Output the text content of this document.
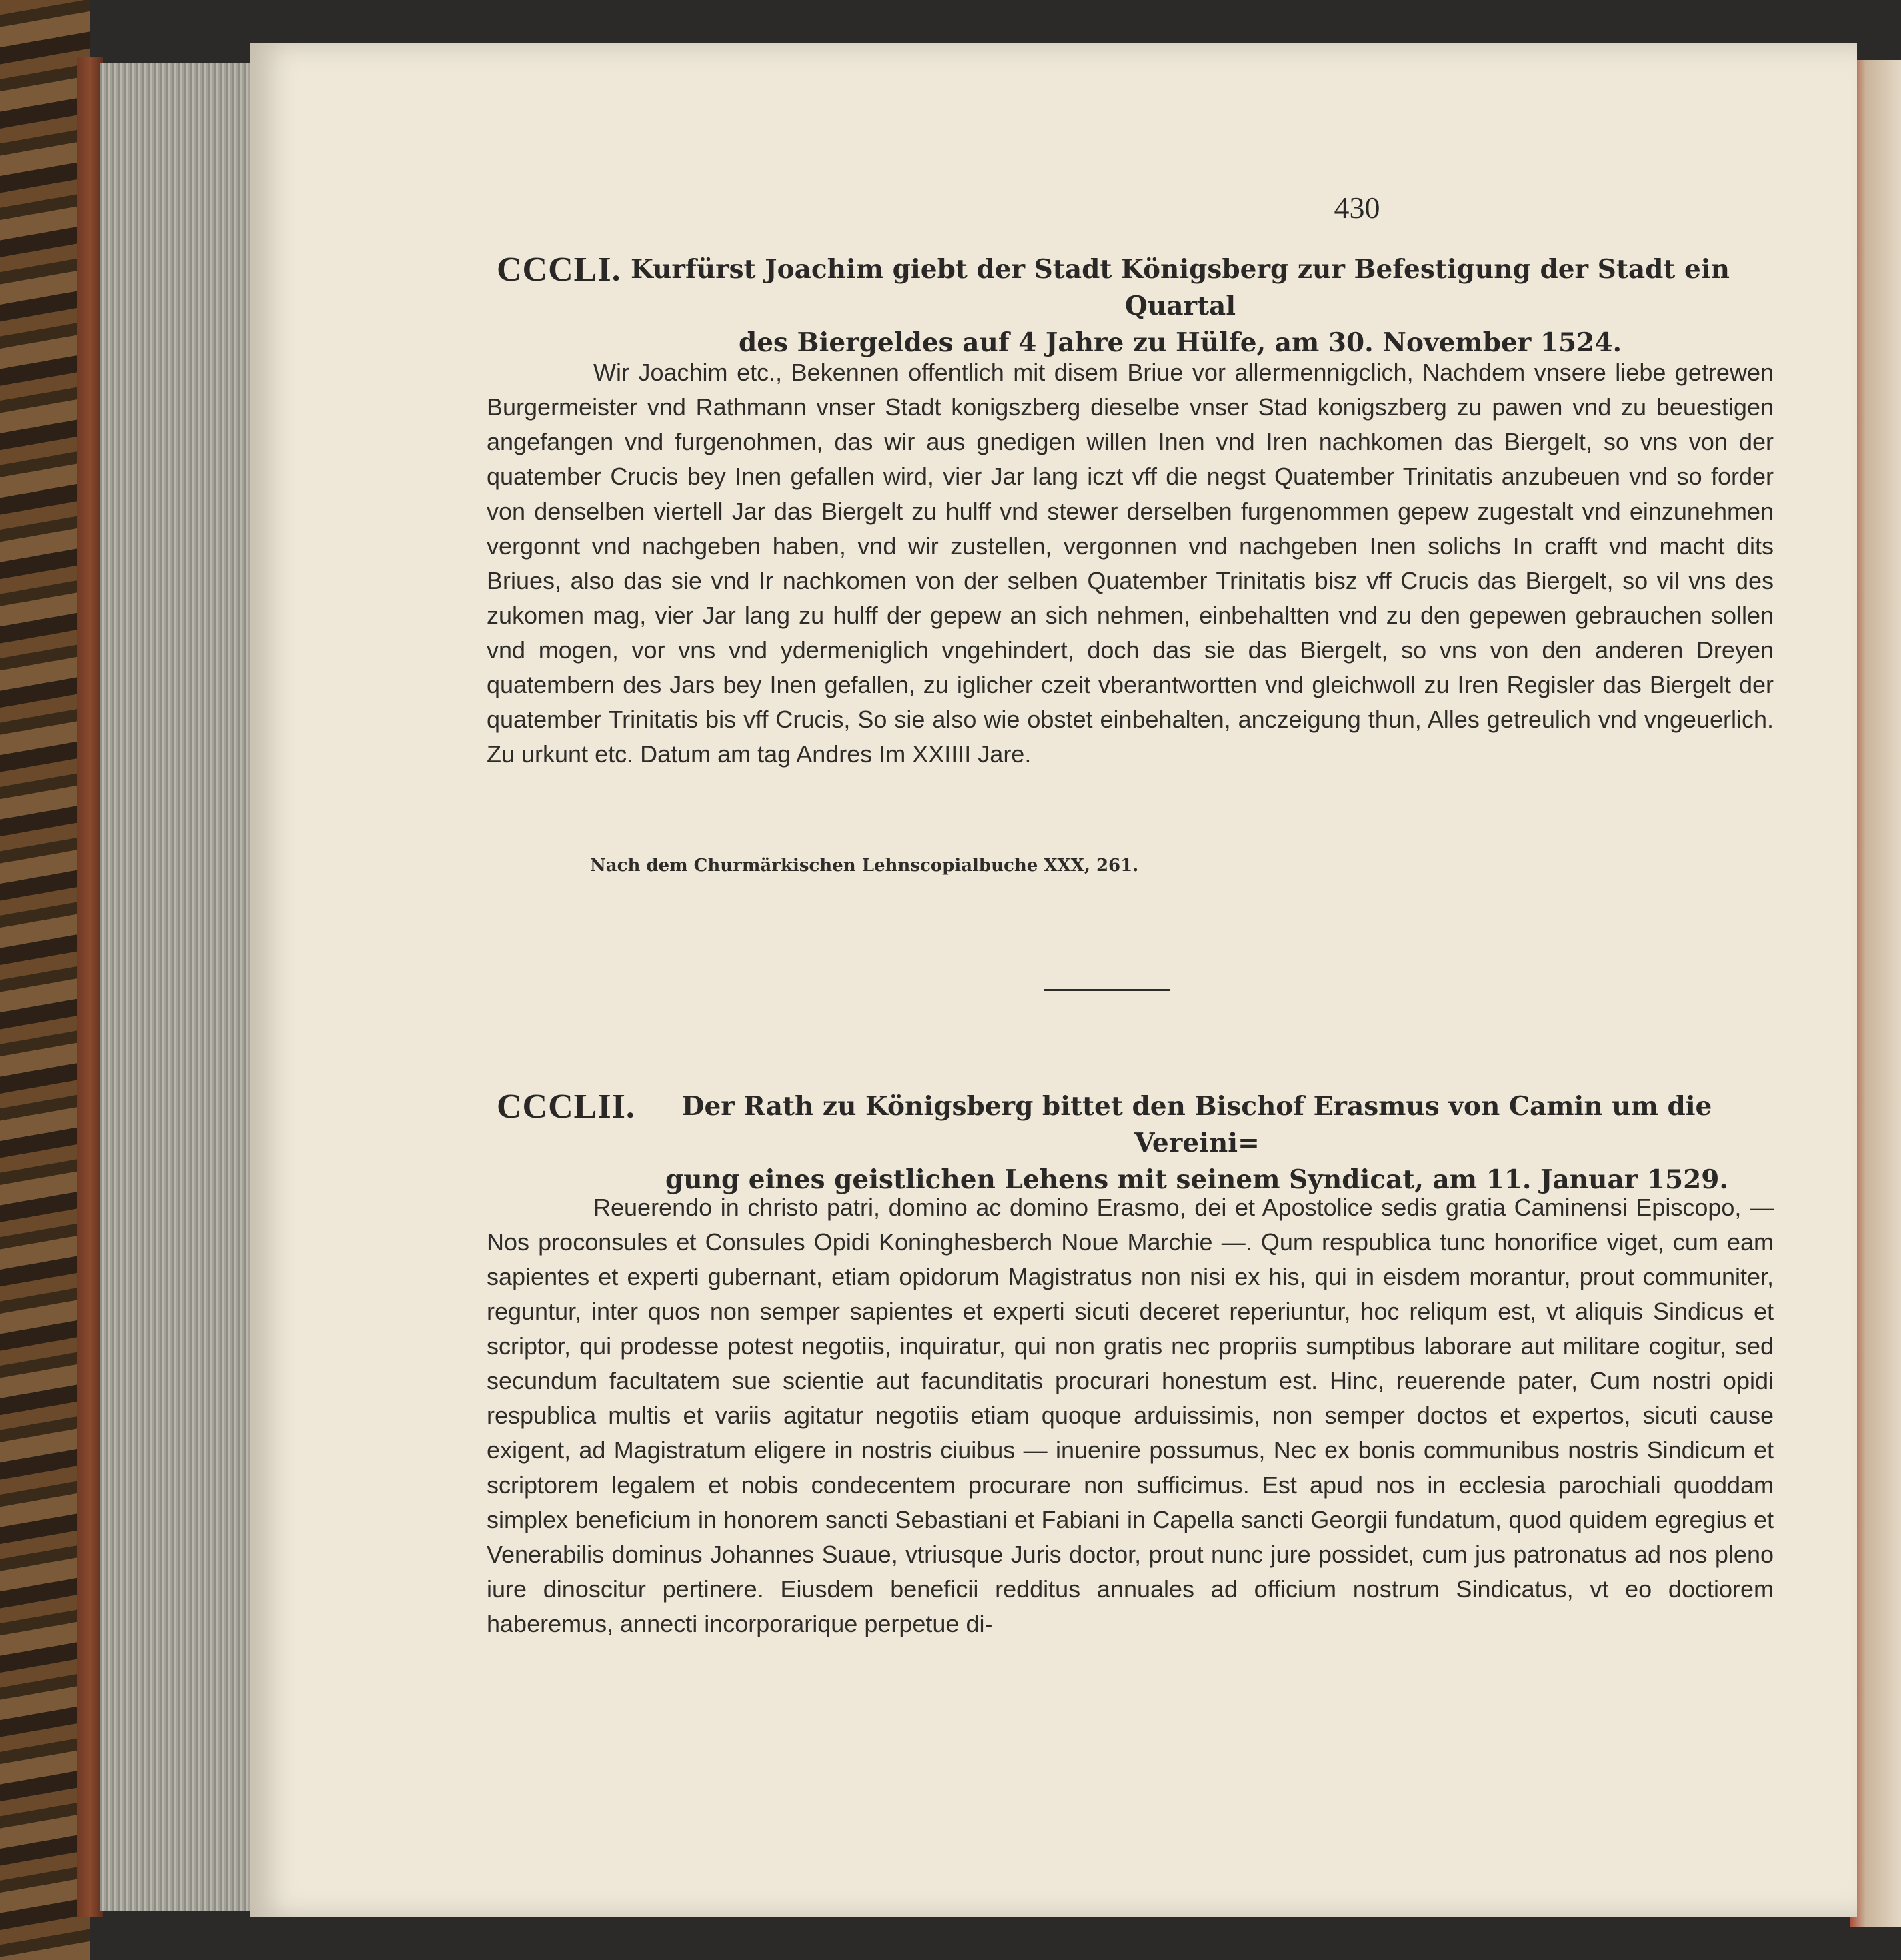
430
CCCLI. Kurfürst Joachim giebt der Stadt Königsberg zur Befestigung der Stadt ein Quartal
des Biergeldes auf 4 Jahre zu Hülfe, am 30. November 1524.

Wir Joachim etc., Bekennen offentlich mit disem Briue vor allermennigclich, Nachdem vnsere liebe getrewen Burgermeister vnd Rathmann vnser Stadt konigszberg dieselbe vnser Stad konigszberg zu pawen vnd zu beuestigen angefangen vnd furgenohmen, das wir aus gnedigen willen Inen vnd Iren nachkomen das Biergelt, so vns von der quatember Crucis bey Inen gefallen wird, vier Jar lang iczt vff die negst Quatember Trinitatis anzubeuen vnd so forder von denselben viertell Jar das Biergelt zu hulff vnd stewer derselben furgenommen gepew zugestalt vnd einzunehmen vergonnt vnd nachgeben haben, vnd wir zustellen, vergonnen vnd nachgeben Inen solichs In crafft vnd macht dits Briues, also das sie vnd Ir nachkomen von der selben Quatember Trinitatis bisz vff Crucis das Biergelt, so vil vns des zukomen mag, vier Jar lang zu hulff der gepew an sich nehmen, einbehaltten vnd zu den gepewen gebrauchen sollen vnd mogen, vor vns vnd ydermeniglich vngehindert, doch das sie das Biergelt, so vns von den anderen Dreyen quatembern des Jars bey Inen gefallen, zu iglicher czeit vberantwortten vnd gleichwoll zu Iren Regisler das Biergelt der quatember Trinitatis bis vff Crucis, So sie also wie obstet einbehalten, anczeigung thun, Alles getreulich vnd vngeuerlich. Zu urkunt etc. Datum am tag Andres Im XXIIII Jare.

Nach dem Churmärkischen Lehnscopialbuche XXX, 261.
CCCLII.	Der Rath zu Königsberg bittet den Bischof Erasmus von Camin um die Vereini=
gung eines geistlichen Lehens mit seinem Syndicat, am 11. Januar 1529.

Reuerendo in christo patri, domino ac domino Erasmo, dei et Apostolice sedis gratia Caminensi Episcopo, — Nos proconsules et Consules Opidi Koninghesberch Noue Marchie —. Qum respublica tunc honorifice viget, cum eam sapientes et experti gubernant, etiam opidorum Magistratus non nisi ex his, qui in eisdem morantur, prout communiter, reguntur, inter quos non semper sapientes et experti sicuti deceret reperiuntur, hoc reliqum est, vt aliquis Sindicus et scriptor, qui prodesse potest negotiis, inquiratur, qui non gratis nec propriis sumptibus laborare aut militare cogitur, sed secundum facultatem sue scientie aut facunditatis procurari honestum est. Hinc, reuerende pater, Cum nostri opidi respublica multis et variis agitatur negotiis etiam quoque arduissimis, non semper doctos et expertos, sicuti cause exigent, ad Magistratum eligere in nostris ciuibus — inuenire possumus, Nec ex bonis communibus nostris Sindicum et scriptorem legalem et nobis condecentem procurare non sufficimus. Est apud nos in ecclesia parochiali quoddam simplex beneficium in honorem sancti Sebastiani et Fabiani in Capella sancti Georgii fundatum, quod quidem egregius et Venerabilis dominus Johannes Suaue, vtriusque Juris doctor, prout nunc jure possidet, cum jus patronatus ad nos pleno iure dinoscitur pertinere. Eiusdem beneficii redditus annuales ad officium nostrum Sindicatus, vt eo doctiorem haberemus, annecti incorporarique perpetue di-
